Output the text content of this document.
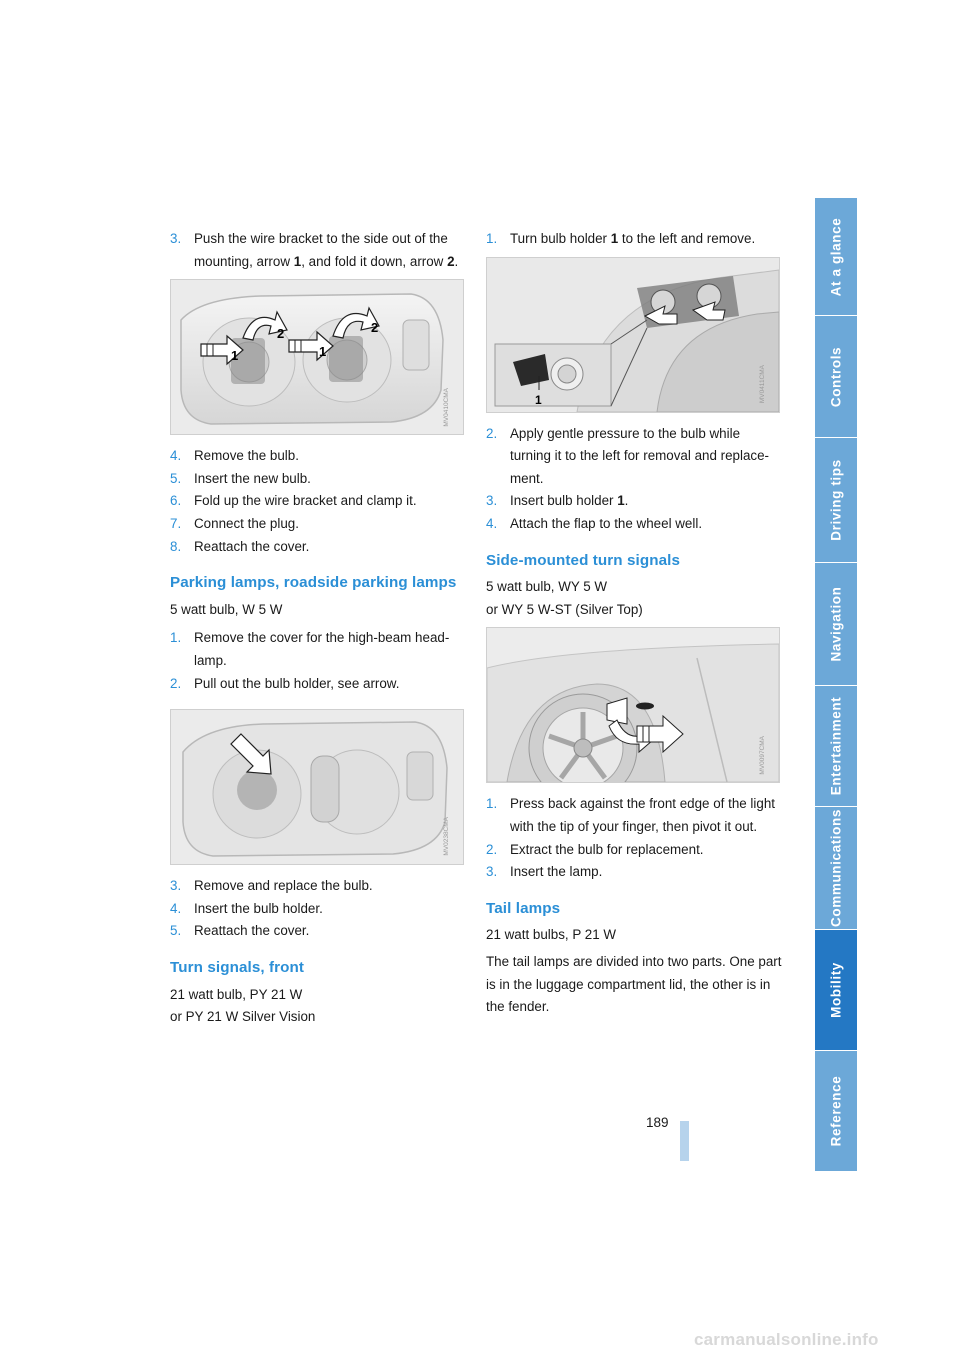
3. Push the wire bracket to the side out of the mounting, arrow 1, and fold it down, arrow 2.
1
2
1
2
MV0410CMA
4. Remove the bulb.
5. Insert the new bulb.
6. Fold up the wire bracket and clamp it.
7. Connect the plug.
8. Reattach the cover.
Parking lamps, roadside parking lamps

5 watt bulb, W 5 W

1. Remove the cover for the high-beam head-lamp.
2. Pull out the bulb holder, see arrow.
MV0238CMA
3. Remove and replace the bulb.
4. Insert the bulb holder.
5. Reattach the cover.
Turn signals, front

21 watt bulb, PY 21 W

or PY 21 W Silver Vision

1. Turn bulb holder 1 to the left and remove.
1	MV0411CMA
2. Apply gentle pressure to the bulb while turning it to the left for removal and replace-ment.
3. Insert bulb holder 1.
4. Attach the flap to the wheel well.
Side-mounted turn signals

5 watt bulb, WY 5 W

or WY 5 W-ST (Silver Top)

MV0097CMA
1. Press back against the front edge of the light with the tip of your finger, then pivot it out.
2. Extract the bulb for replacement.
3. Insert the lamp.
Tail lamps

21 watt bulbs, P 21 W

The tail lamps are divided into two parts. One part is in the luggage compartment lid, the other is in the fender.

At a glance
Controls
Driving tips
Navigation
Entertainment
Communications
Mobility
Reference
189
carmanualsonline.info
